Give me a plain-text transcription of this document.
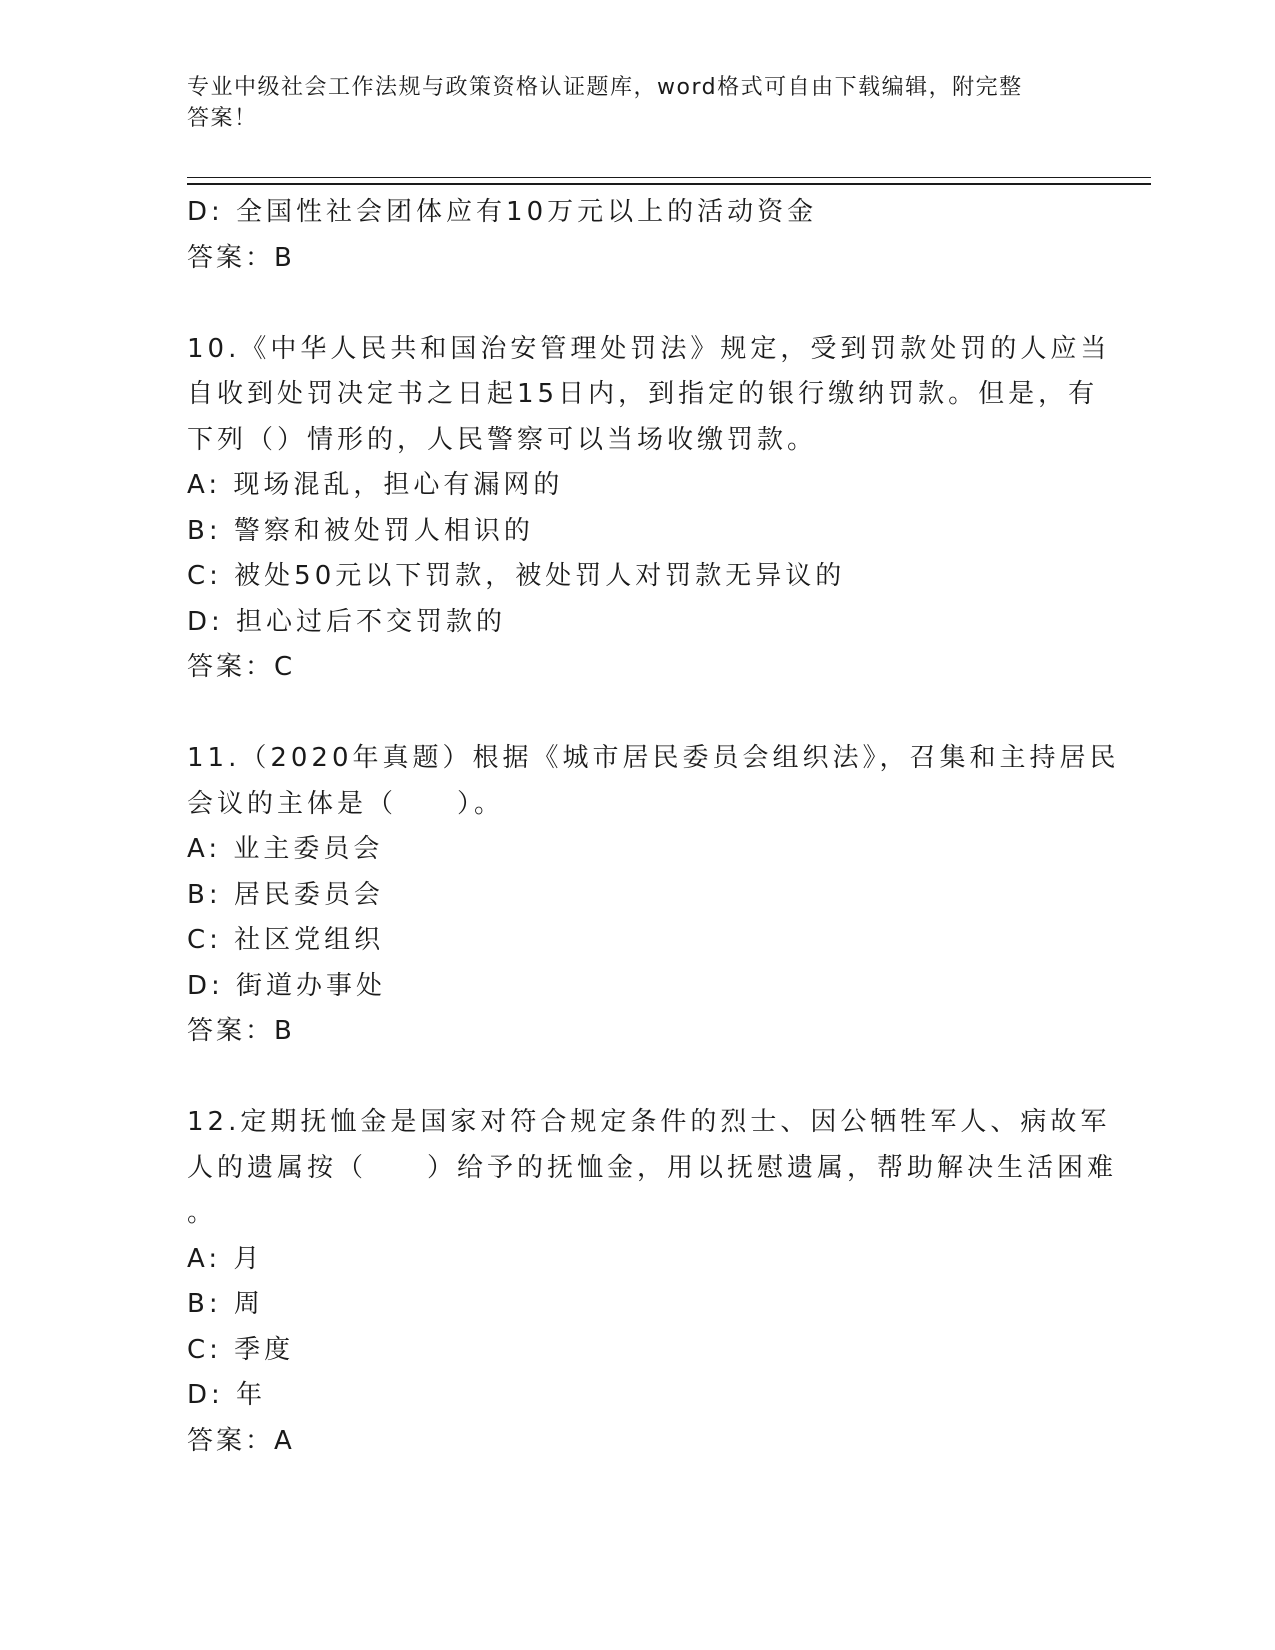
专业中级社会工作法规与政策资格认证题库，word格式可自由下载编辑，附完整
答案！
D: 全国性社会团体应有10万元以上的活动资金
答案：B
10.《中华人民共和国治安管理处罚法》规定，受到罚款处罚的人应当
自收到处罚决定书之日起15日内，到指定的银行缴纳罚款。但是，有
下列（）情形的，人民警察可以当场收缴罚款。
A: 现场混乱，担心有漏网的
B: 警察和被处罚人相识的
C: 被处50元以下罚款，被处罚人对罚款无异议的
D: 担心过后不交罚款的
答案：C
11.（2020年真题）根据《城市居民委员会组织法》，召集和主持居民
会议的主体是（　　）。
A: 业主委员会
B: 居民委员会
C: 社区党组织
D: 街道办事处
答案：B
12.定期抚恤金是国家对符合规定条件的烈士、因公牺牲军人、病故军
人的遗属按（　　）给予的抚恤金，用以抚慰遗属，帮助解决生活困难
。
A: 月
B: 周
C: 季度
D: 年
答案：A
